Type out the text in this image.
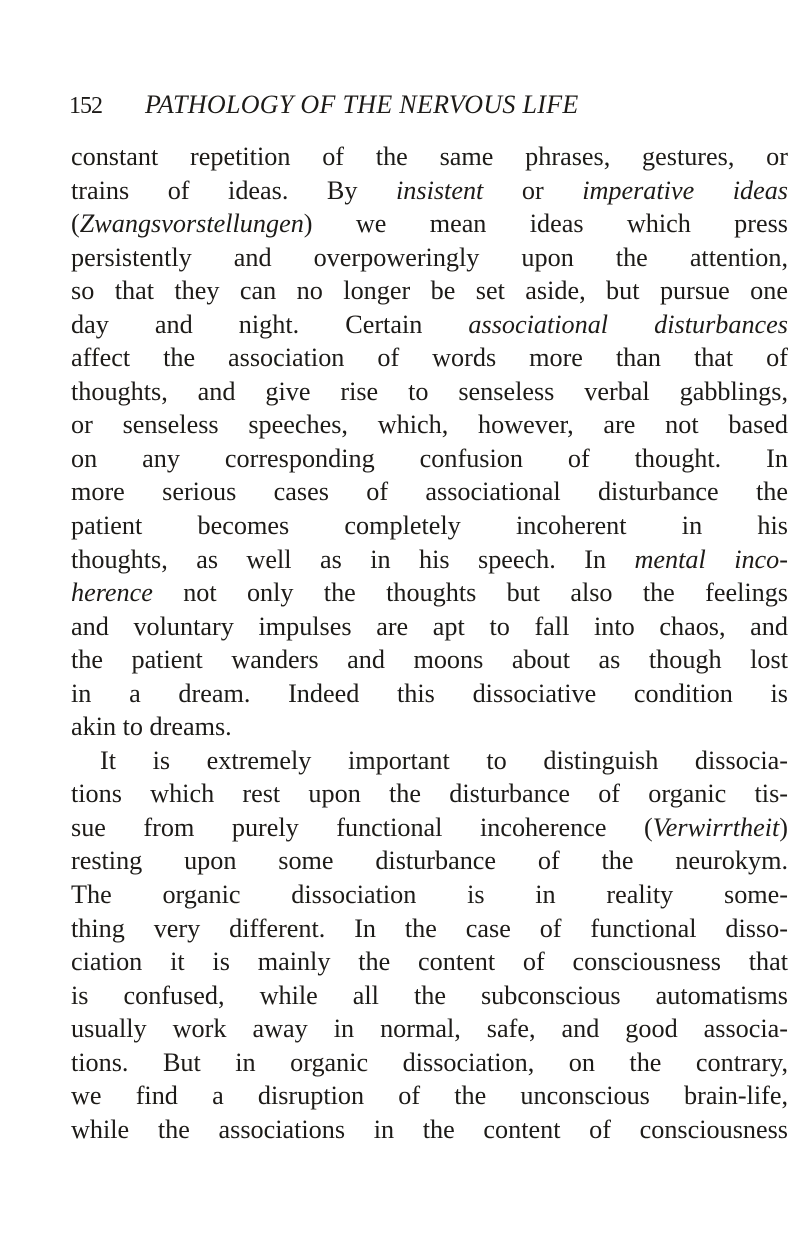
152 PATHOLOGY OF THE NERVOUS LIFE
constant repetition of the same phrases, gestures, or
trains of ideas. By insistent or imperative ideas
(Zwangsvorstellungen) we mean ideas which press
persistently and overpoweringly upon the attention,
so that they can no longer be set aside, but pursue one
day and night. Certain associational disturbances
affect the association of words more than that of
thoughts, and give rise to senseless verbal gabblings,
or senseless speeches, which, however, are not based
on any corresponding confusion of thought. In
more serious cases of associational disturbance the
patient becomes completely incoherent in his
thoughts, as well as in his speech. In mental inco-
herence not only the thoughts but also the feelings
and voluntary impulses are apt to fall into chaos, and
the patient wanders and moons about as though lost
in a dream. Indeed this dissociative condition is
akin to dreams.
It is extremely important to distinguish dissocia-
tions which rest upon the disturbance of organic tis-
sue from purely functional incoherence (Verwirrtheit)
resting upon some disturbance of the neurokym.
The organic dissociation is in reality some-
thing very different. In the case of functional disso-
ciation it is mainly the content of consciousness that
is confused, while all the subconscious automatisms
usually work away in normal, safe, and good associa-
tions. But in organic dissociation, on the contrary,
we find a disruption of the unconscious brain-life,
while the associations in the content of consciousness
